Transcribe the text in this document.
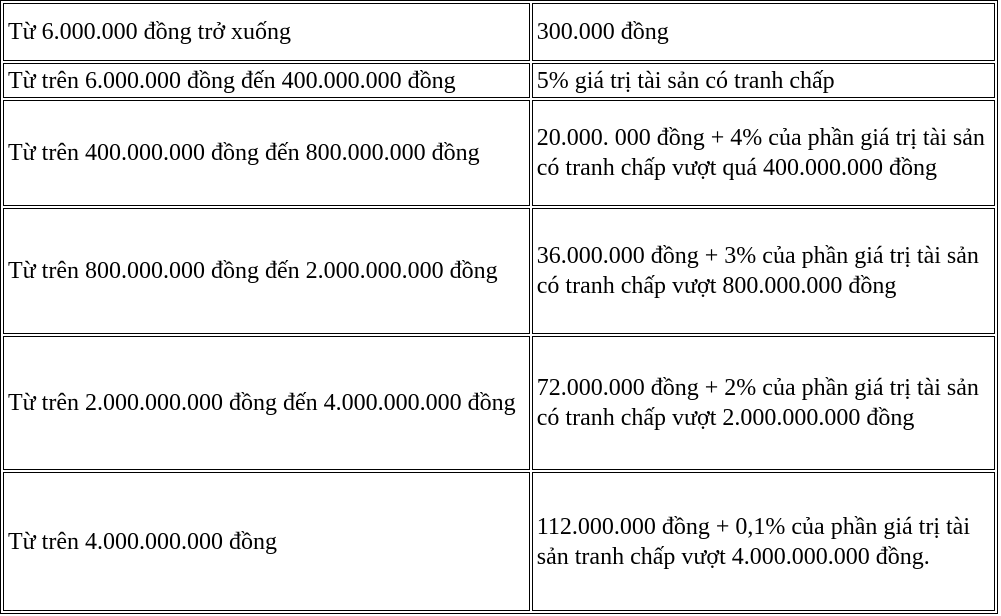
Từ 6.000.000 đồng trở xuống	300.000 đồng
Từ trên 6.000.000 đồng đến 400.000.000 đồng	5% giá trị tài sản có tranh chấp
Từ trên 400.000.000 đồng đến 800.000.000 đồng	20.000. 000 đồng + 4% của phần giá trị tài sản có tranh chấp vượt quá 400.000.000 đồng
Từ trên 800.000.000 đồng đến 2.000.000.000 đồng	36.000.000 đồng + 3% của phần giá trị tài sản có tranh chấp vượt 800.000.000 đồng
Từ trên 2.000.000.000 đồng đến 4.000.000.000 đồng	72.000.000 đồng + 2% của phần giá trị tài sản có tranh chấp vượt 2.000.000.000 đồng
Từ trên 4.000.000.000 đồng	112.000.000 đồng + 0,1% của phần giá trị tài sản tranh chấp vượt 4.000.000.000 đồng.
